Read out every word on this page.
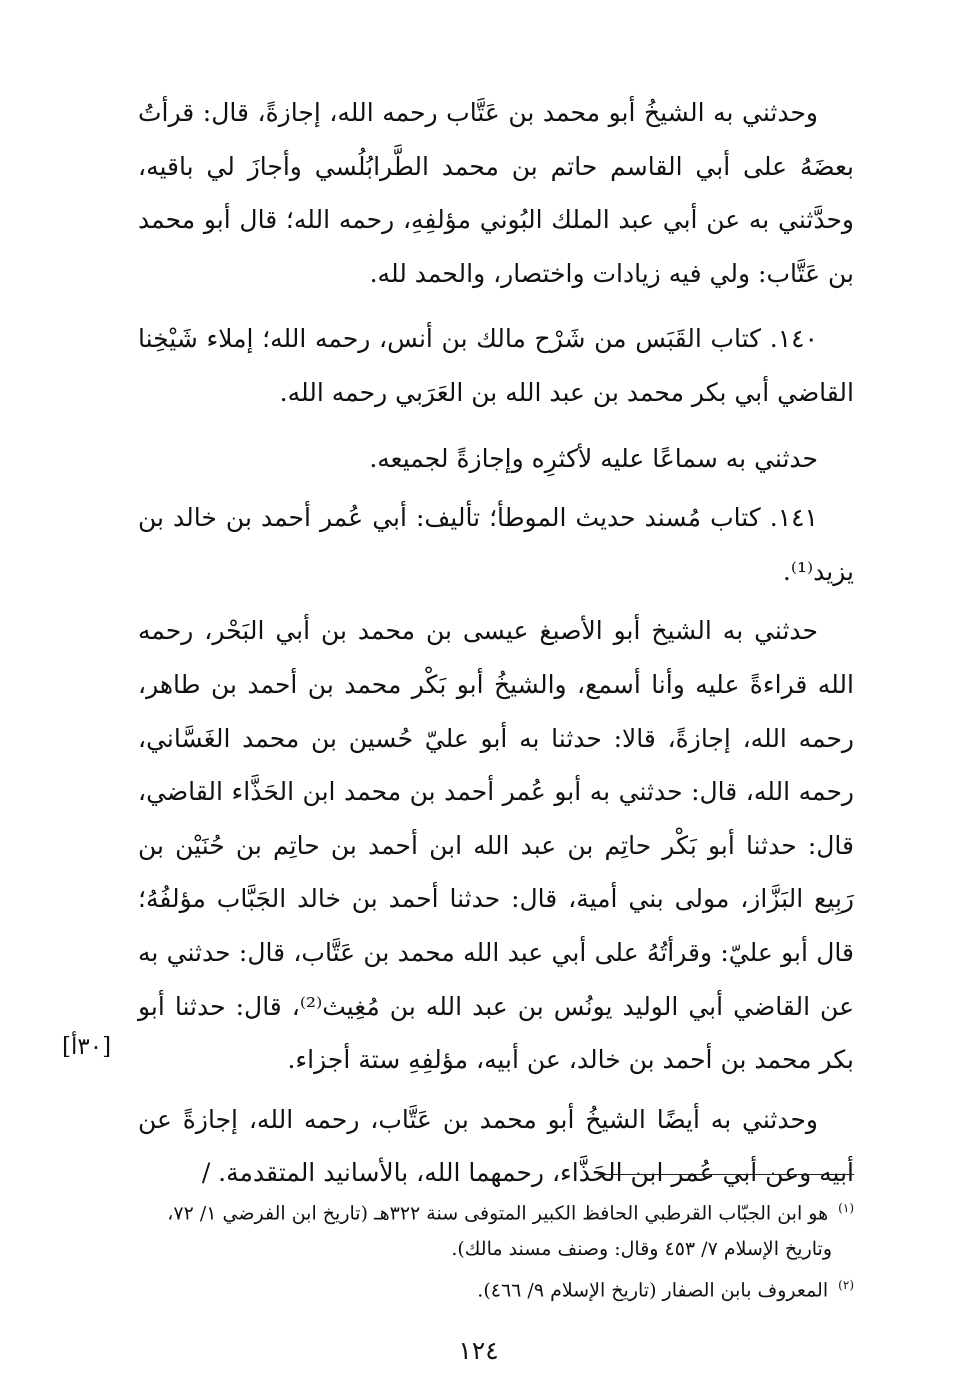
وحدثني به الشيخُ أبو محمد بن عَتَّاب رحمه الله، إجازةً، قال: قرأتُ بعضَهُ على أبي القاسم حاتم بن محمد الطَّرابُلُسي وأجازَ لي باقيه، وحدَّثني به عن أبي عبد الملك البُوني مؤلفِهِ، رحمه الله؛ قال أبو محمد بن عَتَّاب: ولي فيه زيادات واختصار، والحمد لله.

١٤٠. كتاب القَبَس من شَرْح مالك بن أنس، رحمه الله؛ إملاء شَيْخِنا القاضي أبي بكر محمد بن عبد الله بن العَرَبي رحمه الله.

حدثني به سماعًا عليه لأكثرِه وإجازةً لجميعه.

١٤١. كتاب مُسند حديث الموطأ؛ تأليف: أبي عُمر أحمد بن خالد بن يزيد⁽¹⁾.

حدثني به الشيخ أبو الأصبغ عيسى بن محمد بن أبي البَحْر، رحمه الله قراءةً عليه وأنا أسمع، والشيخُ أبو بَكْر محمد بن أحمد بن طاهر، رحمه الله، إجازةً، قالا: حدثنا به أبو عليّ حُسين بن محمد الغَسَّاني، رحمه الله، قال: حدثني به أبو عُمر أحمد بن محمد ابن الحَذَّاء القاضي، قال: حدثنا أبو بَكْر حاتِم بن عبد الله ابن أحمد بن حاتِم بن حُنَيْن بن رَبِيع البَزَّاز، مولى بني أمية، قال: حدثنا أحمد بن خالد الجَبَّاب مؤلفُهُ؛ قال أبو عليّ: وقرأتُهُ على أبي عبد الله محمد بن عَتَّاب، قال: حدثني به عن القاضي أبي الوليد يونُس بن عبد الله بن مُغِيث⁽²⁾، قال: حدثنا أبو بكر محمد بن أحمد بن خالد، عن أبيه، مؤلفِهِ ستة أجزاء.

وحدثني به أيضًا الشيخُ أبو محمد بن عَتَّاب، رحمه الله، إجازةً عن أبيه وعن أبي عُمر ابن الحَذَّاء، رحمهما الله، بالأسانيد المتقدمة. /

[٣٠أ]

$^{(١)}$ هو ابن الجبّاب القرطبي الحافظ الكبير المتوفى سنة ٣٢٢هـ (تاريخ ابن الفرضي ١/ ٧٢،

وتاريخ الإسلام ٧/ ٤٥٣ وقال: وصنف مسند مالك).

$^{(٢)}$ المعروف بابن الصفار (تاريخ الإسلام ٩/ ٤٦٦).

١٢٤
